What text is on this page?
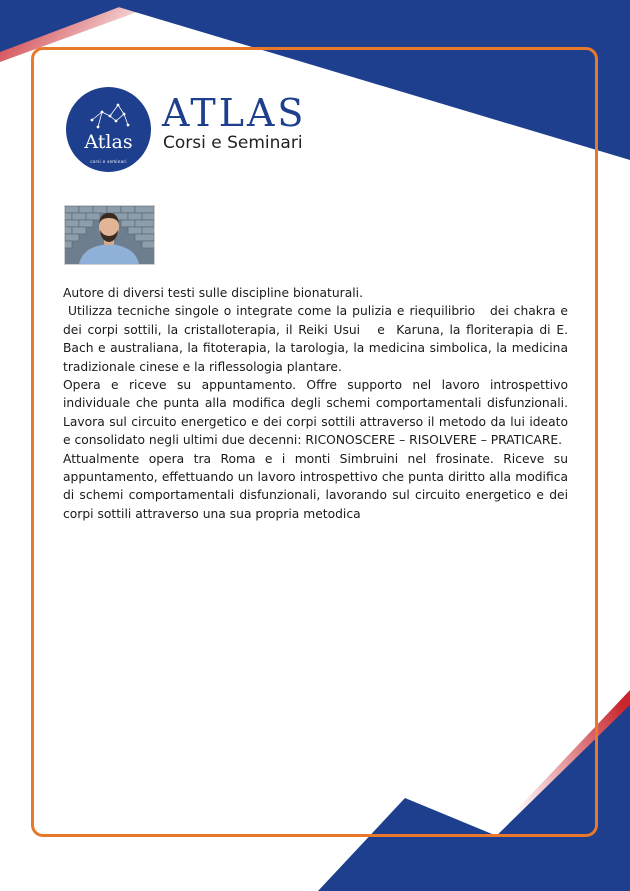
Atlas
corsi e seminari
ATLAS
Corsi e Seminari

Autore di diversi testi sulle discipline bionaturali.

Utilizza tecniche singole o integrate come la pulizia e riequilibrio   dei chakra e  dei corpi sottili, la cristalloterapia, il Reiki Usui   e  Karuna, la floriterapia di E. Bach e australiana, la fitoterapia, la tarologia, la medicina simbolica, la medicina tradizionale cinese e la riflessologia plantare.

Opera e riceve su appuntamento. Offre supporto nel lavoro introspettivo individuale che punta alla modifica degli schemi comportamentali disfunzionali. Lavora sul circuito energetico e dei corpi sottili attraverso il metodo da lui ideato e consolidato negli ultimi due decenni: RICONOSCERE – RISOLVERE – PRATICARE.

Attualmente opera tra Roma e i monti Simbruini nel frosinate. Riceve su appuntamento, effettuando un lavoro introspettivo che punta diritto alla modifica di schemi comportamentali disfunzionali, lavorando sul circuito energetico e dei corpi sottili attraverso una sua propria metodica
